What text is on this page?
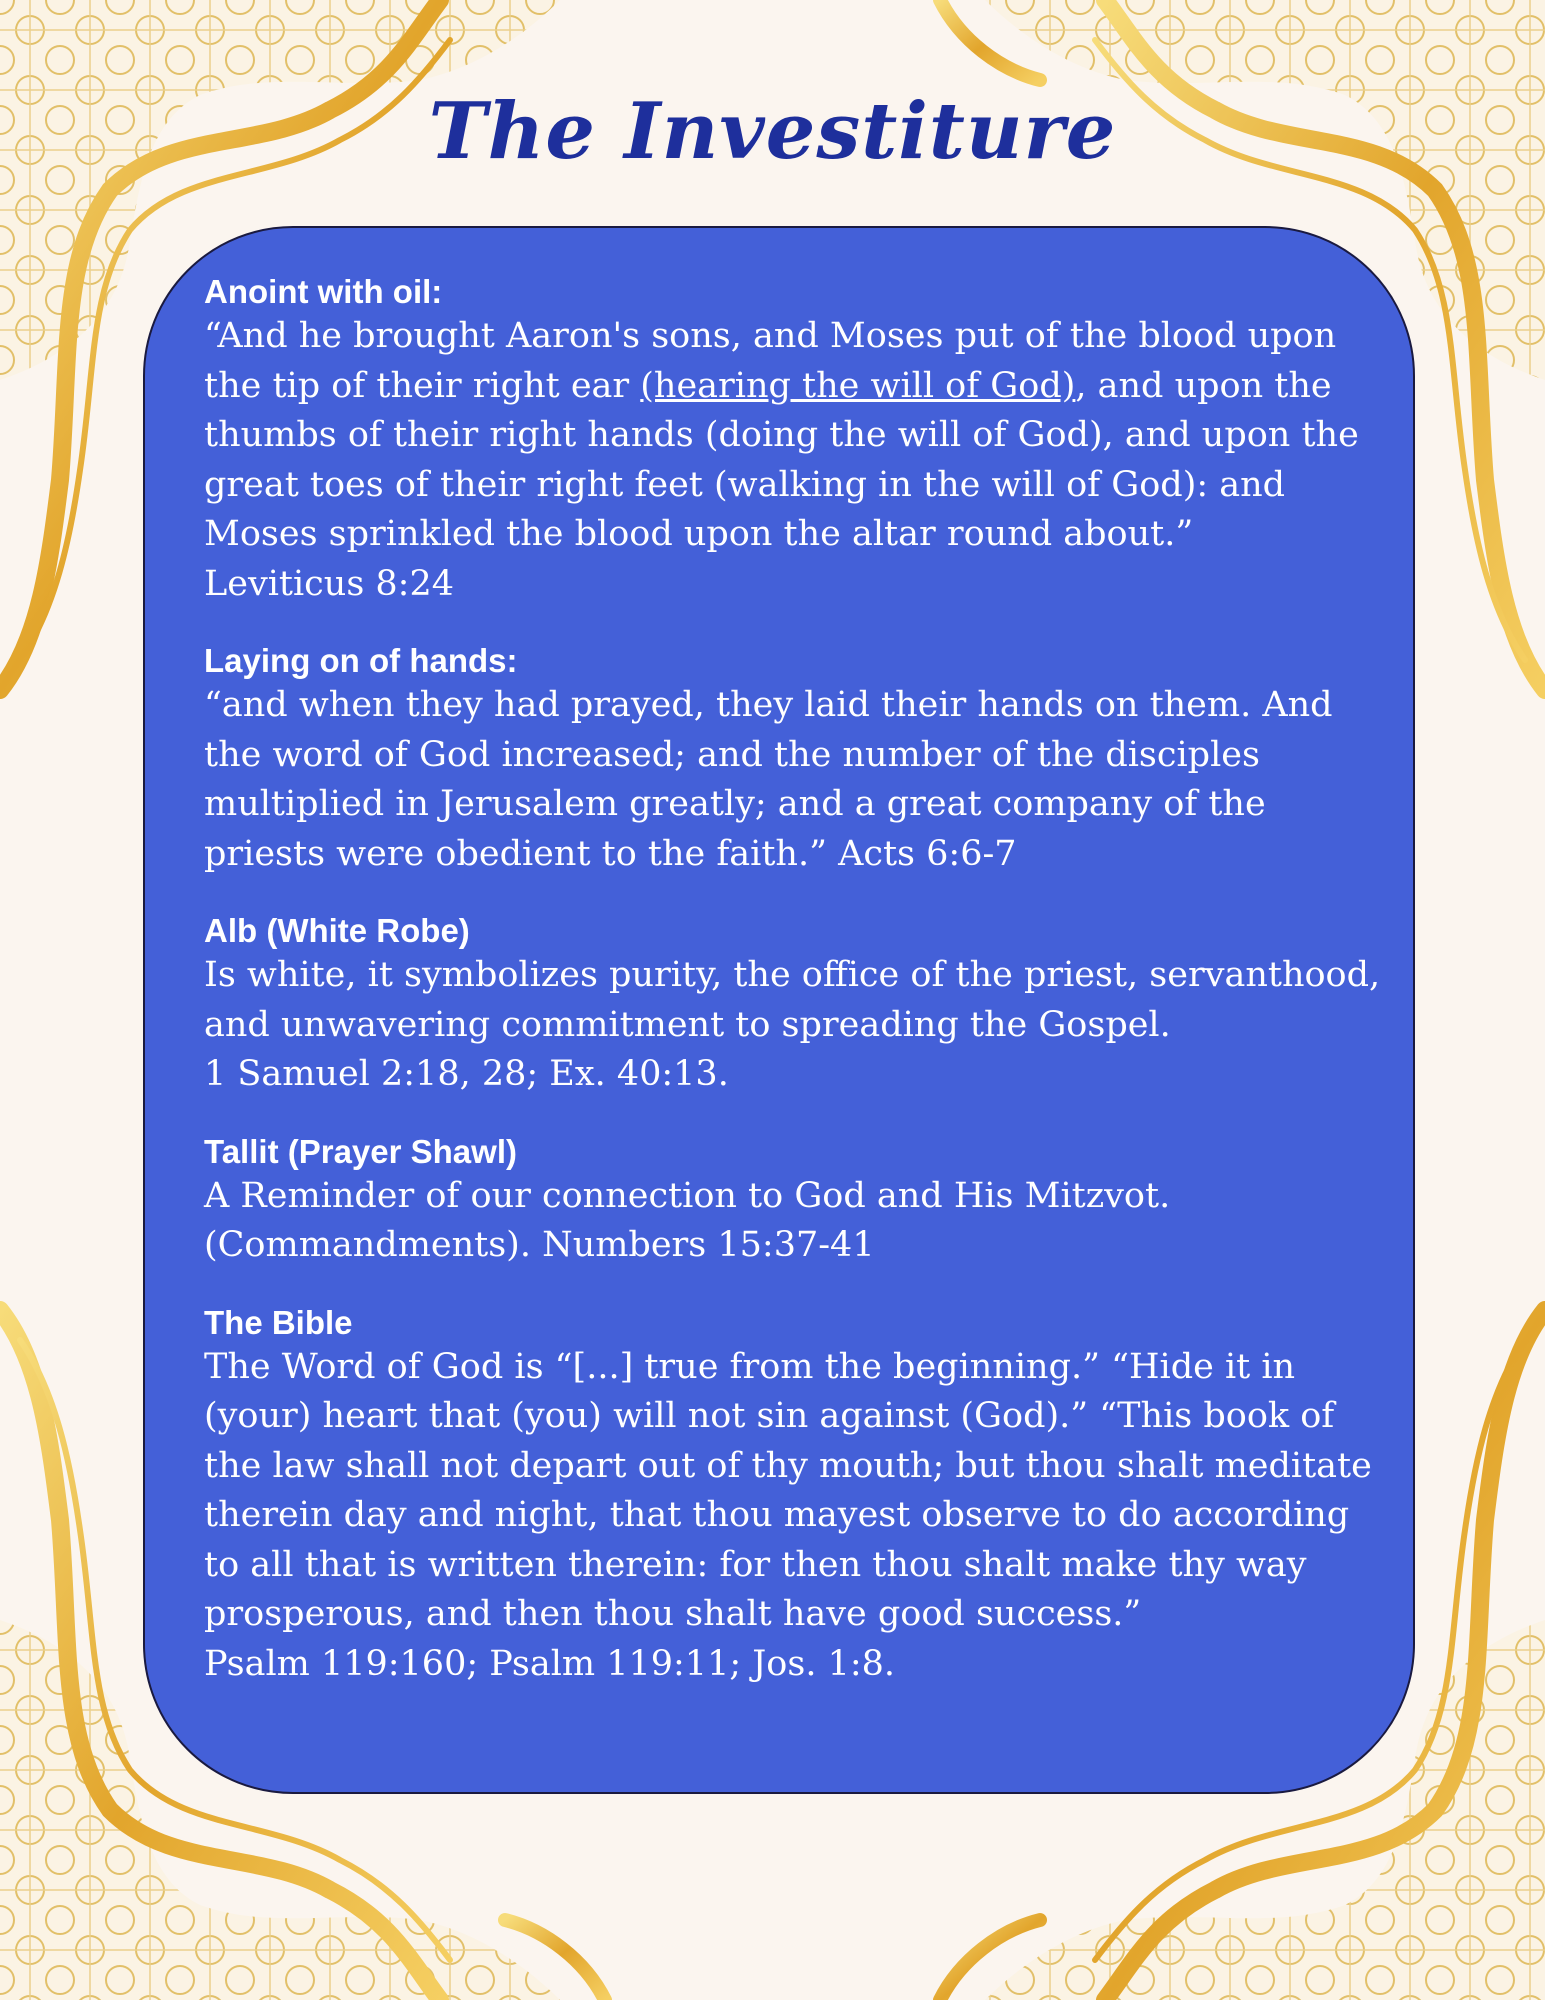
The Investiture

Anoint with oil:

“And he brought Aaron's sons, and Moses put of the blood upon the tip of their right ear (hearing the will of God), and upon the thumbs of their right hands (doing the will of God), and upon the great toes of their right feet (walking in the will of God): and Moses sprinkled the blood upon the altar round about.”

Leviticus 8:24

Laying on of hands:

“and when they had prayed, they laid their hands on them. And the word of God increased; and the number of the disciples multiplied in Jerusalem greatly; and a great company of the priests were obedient to the faith.” Acts 6:6-7

Alb (White Robe)

Is white, it symbolizes purity, the office of the priest, servanthood, and unwavering commitment to spreading the Gospel.

1 Samuel 2:18, 28; Ex. 40:13.

Tallit (Prayer Shawl)

A Reminder of our connection to God and His Mitzvot. (Commandments). Numbers 15:37-41

The Bible

The Word of God is “[...] true from the beginning.” “Hide it in (your) heart that (you) will not sin against (God).” “This book of the law shall not depart out of thy mouth; but thou shalt meditate therein day and night, that thou mayest observe to do according to all that is written therein: for then thou shalt make thy way prosperous, and then thou shalt have good success.”

Psalm 119:160; Psalm 119:11; Jos. 1:8.
